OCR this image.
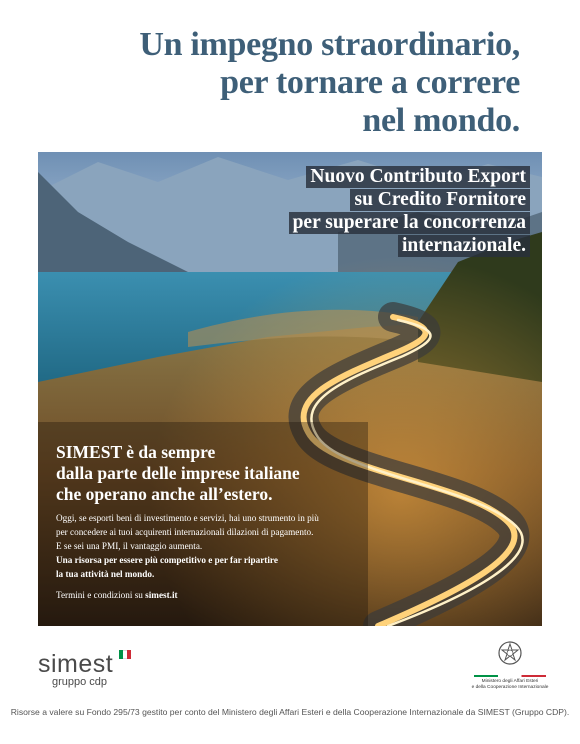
Un impegno straordinario,
per tornare a correre
nel mondo.
Nuovo Contributo Export
su Credito Fornitore
per superare la concorrenza
internazionale.
SIMEST è da sempre
dalla parte delle imprese italiane
che operano anche all’estero.
Oggi, se esporti beni di investimento e servizi, hai uno strumento in più
per concedere ai tuoi acquirenti internazionali dilazioni di pagamento.
E se sei una PMI, il vantaggio aumenta.
Una risorsa per essere più competitivo e per far ripartire
la tua attività nel mondo.
Termini e condizioni su simest.it
simest
gruppo cdp	Ministero degli Affari Esteri
e della Cooperazione Internazionale
Risorse a valere su Fondo 295/73 gestito per conto del Ministero degli Affari Esteri e della Cooperazione Internazionale da SIMEST (Gruppo CDP).
